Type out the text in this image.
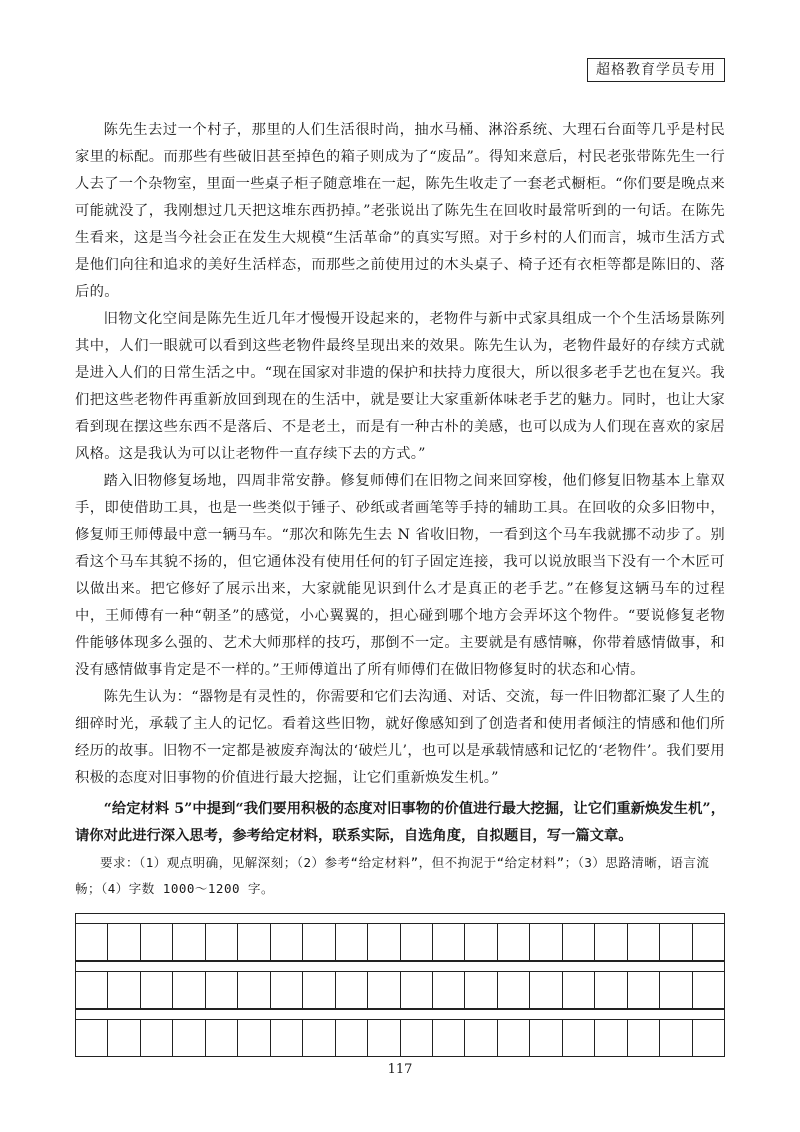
超格教育学员专用

陈先生去过一个村子，那里的人们生活很时尚，抽水马桶、淋浴系统、大理石台面等几乎是村民家里的标配。而那些有些破旧甚至掉色的箱子则成为了“废品”。得知来意后，村民老张带陈先生一行人去了一个杂物室，里面一些桌子柜子随意堆在一起，陈先生收走了一套老式橱柜。“你们要是晚点来可能就没了，我刚想过几天把这堆东西扔掉。”老张说出了陈先生在回收时最常听到的一句话。在陈先生看来，这是当今社会正在发生大规模“生活革命”的真实写照。对于乡村的人们而言，城市生活方式是他们向往和追求的美好生活样态，而那些之前使用过的木头桌子、椅子还有衣柜等都是陈旧的、落后的。

旧物文化空间是陈先生近几年才慢慢开设起来的，老物件与新中式家具组成一个个生活场景陈列其中，人们一眼就可以看到这些老物件最终呈现出来的效果。陈先生认为，老物件最好的存续方式就是进入人们的日常生活之中。“现在国家对非遗的保护和扶持力度很大，所以很多老手艺也在复兴。我们把这些老物件再重新放回到现在的生活中，就是要让大家重新体味老手艺的魅力。同时，也让大家看到现在摆这些东西不是落后、不是老土，而是有一种古朴的美感，也可以成为人们现在喜欢的家居风格。这是我认为可以让老物件一直存续下去的方式。”

踏入旧物修复场地，四周非常安静。修复师傅们在旧物之间来回穿梭，他们修复旧物基本上靠双手，即使借助工具，也是一些类似于锤子、砂纸或者画笔等手持的辅助工具。在回收的众多旧物中，修复师王师傅最中意一辆马车。“那次和陈先生去 N 省收旧物，一看到这个马车我就挪不动步了。别看这个马车其貌不扬的，但它通体没有使用任何的钉子固定连接，我可以说放眼当下没有一个木匠可以做出来。把它修好了展示出来，大家就能见识到什么才是真正的老手艺。”在修复这辆马车的过程中，王师傅有一种“朝圣”的感觉，小心翼翼的，担心碰到哪个地方会弄坏这个物件。“要说修复老物件能够体现多么强的、艺术大师那样的技巧，那倒不一定。主要就是有感情嘛，你带着感情做事，和没有感情做事肯定是不一样的。”王师傅道出了所有师傅们在做旧物修复时的状态和心情。

陈先生认为：“器物是有灵性的，你需要和它们去沟通、对话、交流，每一件旧物都汇聚了人生的细碎时光，承载了主人的记忆。看着这些旧物，就好像感知到了创造者和使用者倾注的情感和他们所经历的故事。旧物不一定都是被废弃淘汰的‘破烂儿’，也可以是承载情感和记忆的‘老物件’。我们要用积极的态度对旧事物的价值进行最大挖掘，让它们重新焕发生机。”

“给定材料 5”中提到“我们要用积极的态度对旧事物的价值进行最大挖掘，让它们重新焕发生机”，请你对此进行深入思考，参考给定材料，联系实际，自选角度，自拟题目，写一篇文章。

要求：（1）观点明确，见解深刻；（2）参考“给定材料”，但不拘泥于“给定材料”；（3）思路清晰，语言流畅；（4）字数 1000～1200 字。

117
